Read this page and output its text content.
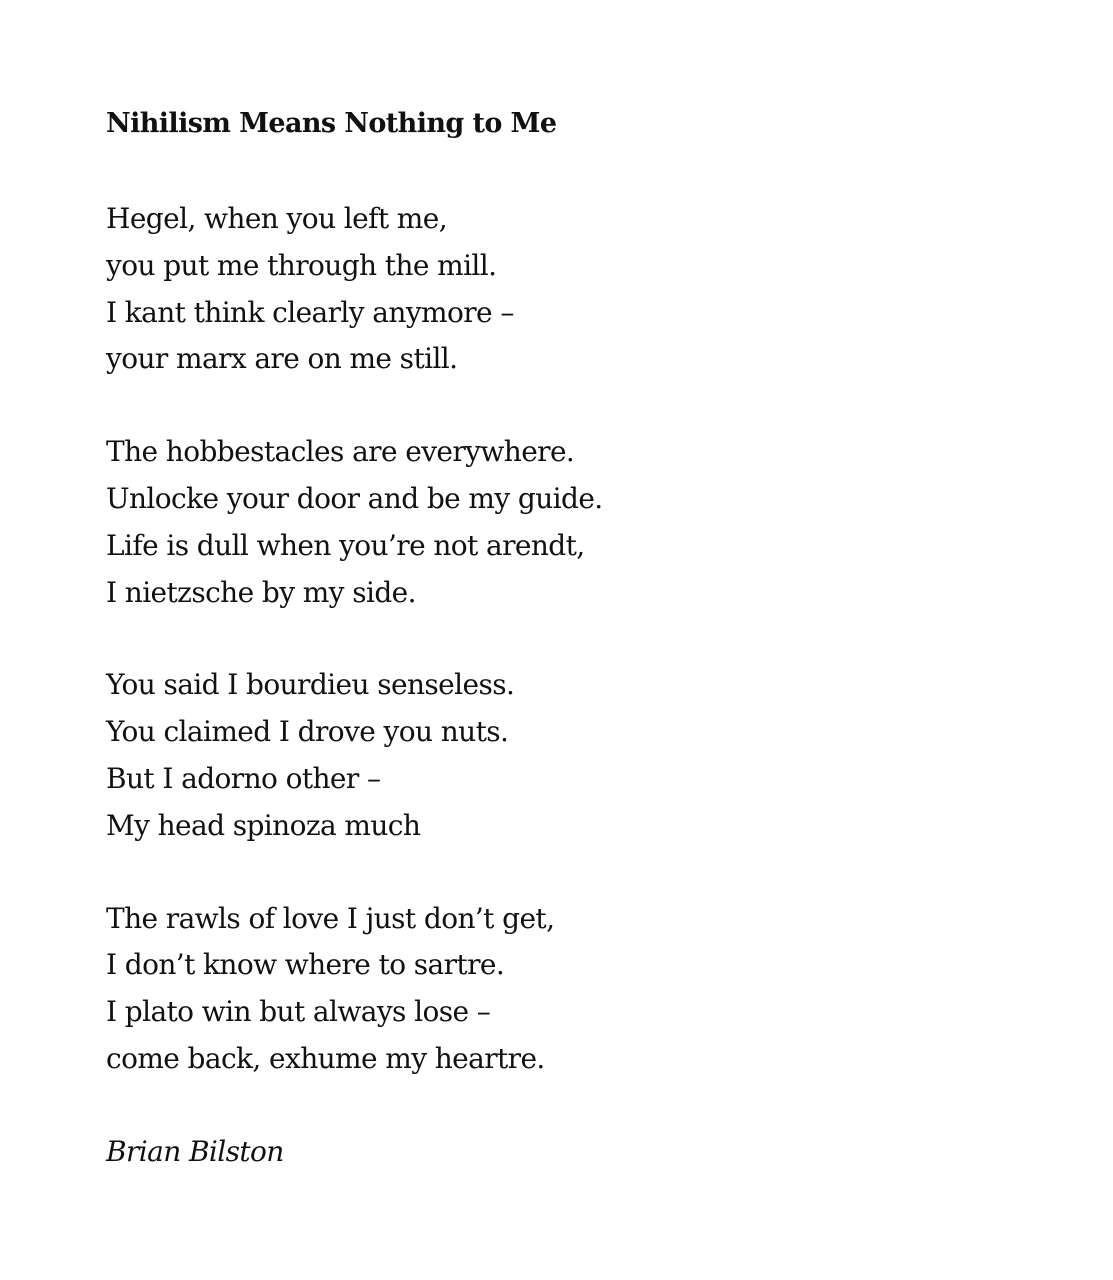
Nihilism Means Nothing to Me
Hegel, when you left me,
you put me through the mill.
I kant think clearly anymore –
your marx are on me still.
The hobbestacles are everywhere.
Unlocke your door and be my guide.
Life is dull when you’re not arendt,
I nietzsche by my side.
You said I bourdieu senseless.
You claimed I drove you nuts.
But I adorno other –
My head spinoza much
The rawls of love I just don’t get,
I don’t know where to sartre.
I plato win but always lose –
come back, exhume my heartre.
Brian Bilston
